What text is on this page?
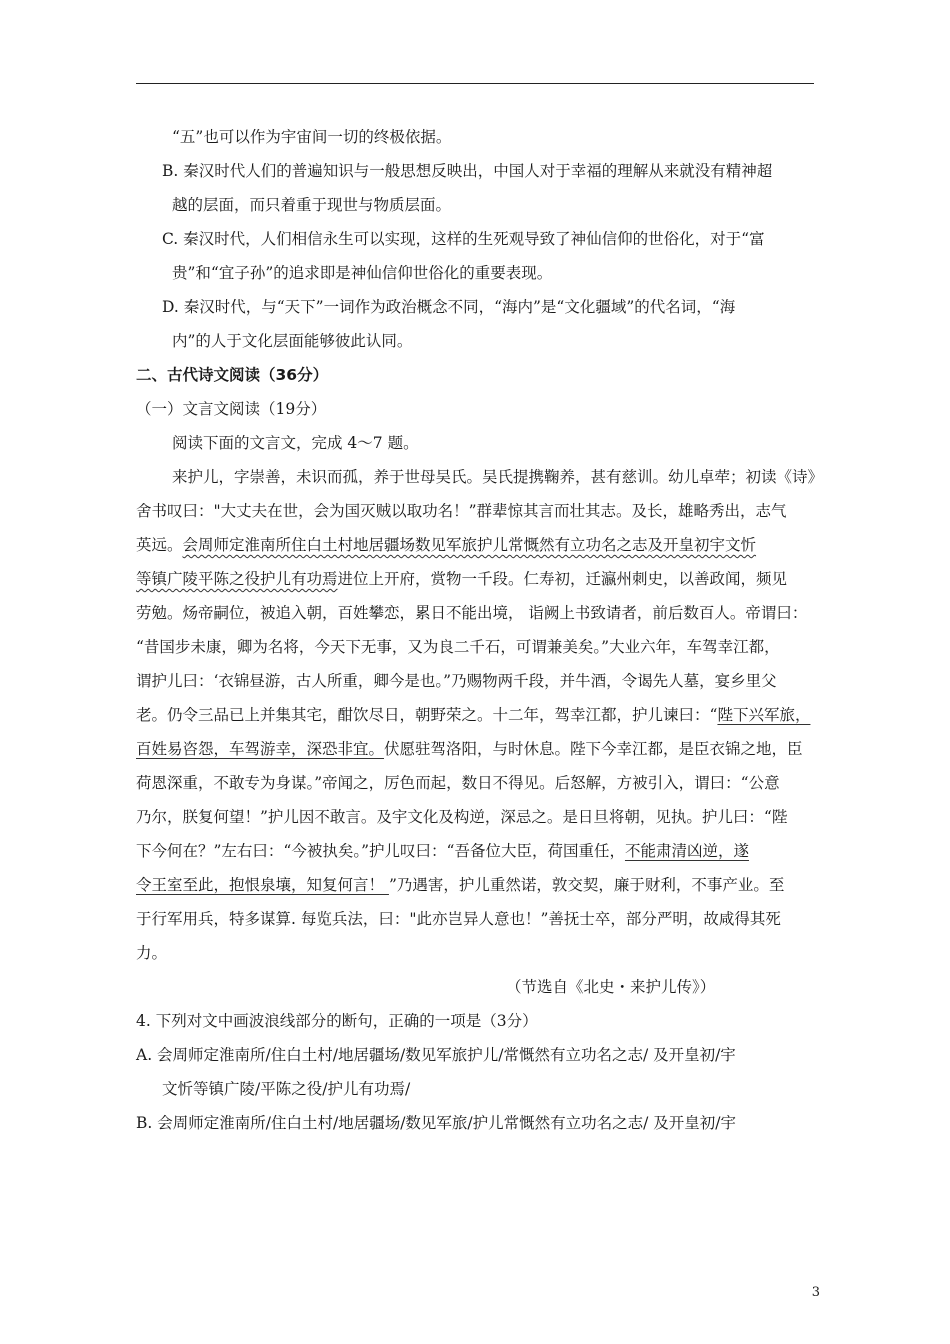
“五”也可以作为宇宙间一切的终极依据。
B. 秦汉时代人们的普遍知识与一般思想反映出，中国人对于幸福的理解从来就没有精神超
越的层面，而只着重于现世与物质层面。
C. 秦汉时代，人们相信永生可以实现，这样的生死观导致了神仙信仰的世俗化，对于“富
贵”和“宜子孙”的追求即是神仙信仰世俗化的重要表现。
D. 秦汉时代，与“天下”一词作为政治概念不同，“海内”是“文化疆域”的代名词，“海
内”的人于文化层面能够彼此认同。
二、古代诗文阅读（36分）
（一）文言文阅读（19分）
阅读下面的文言文，完成 4～7 题。
来护儿，字崇善，未识而孤，养于世母吴氏。吴氏提携鞠养，甚有慈训。幼儿卓荦；初读《诗》
舍书叹曰："大丈夫在世，会为国灭贼以取功名！”群辈惊其言而壮其志。及长，雄略秀出，志气
英远。会周师定淮南所住白土村地居疆场数见军旅护儿常慨然有立功名之志及开皇初宇文忻
等镇广陵平陈之役护儿有功焉进位上开府，赏物一千段。仁寿初，迁瀛州刺史，以善政闻，频见
劳勉。炀帝嗣位，被追入朝，百姓攀恋，累日不能出境， 诣阙上书致请者，前后数百人。帝谓曰：
“昔国步未康，卿为名将，今天下无事，又为良二千石，可谓兼美矣。”大业六年，车驾幸江都，
谓护儿曰：‘衣锦昼游，古人所重，卿今是也。”乃赐物两千段，并牛酒，令谒先人墓，宴乡里父
老。仍令三品已上并集其宅，酣饮尽日，朝野荣之。十二年，驾幸江都，护儿谏曰：“陛下兴军旅，
百姓易咨怨，车驾游幸，深恐非宜。伏愿驻驾洛阳，与时休息。陛下今幸江都，是臣衣锦之地，臣
荷恩深重，不敢专为身谋。”帝闻之，厉色而起，数日不得见。后怒解，方被引入，谓曰：“公意
乃尔，朕复何望！”护儿因不敢言。及宇文化及构逆，深忌之。是日旦将朝，见执。护儿曰：“陛
下今何在？”左右曰：“今被执矣。”护儿叹曰：“吾备位大臣，荷国重任，不能肃清凶逆，遂
令王室至此，抱恨泉壤，知复何言！ ”乃遇害，护儿重然诺，敦交契，廉于财利，不事产业。至
于行军用兵，特多谋算. 每览兵法，曰："此亦岂异人意也！”善抚士卒，部分严明，故咸得其死
力。
（节选自《北史・来护儿传》）
4. 下列对文中画波浪线部分的断句，正确的一项是（3分）
A. 会周师定淮南所/住白土村/地居疆场/数见军旅护儿/常慨然有立功名之志/ 及开皇初/宇
文忻等镇广陵/平陈之役/护儿有功焉/
B. 会周师定淮南所/住白土村/地居疆场/数见军旅/护儿常慨然有立功名之志/ 及开皇初/宇
3
